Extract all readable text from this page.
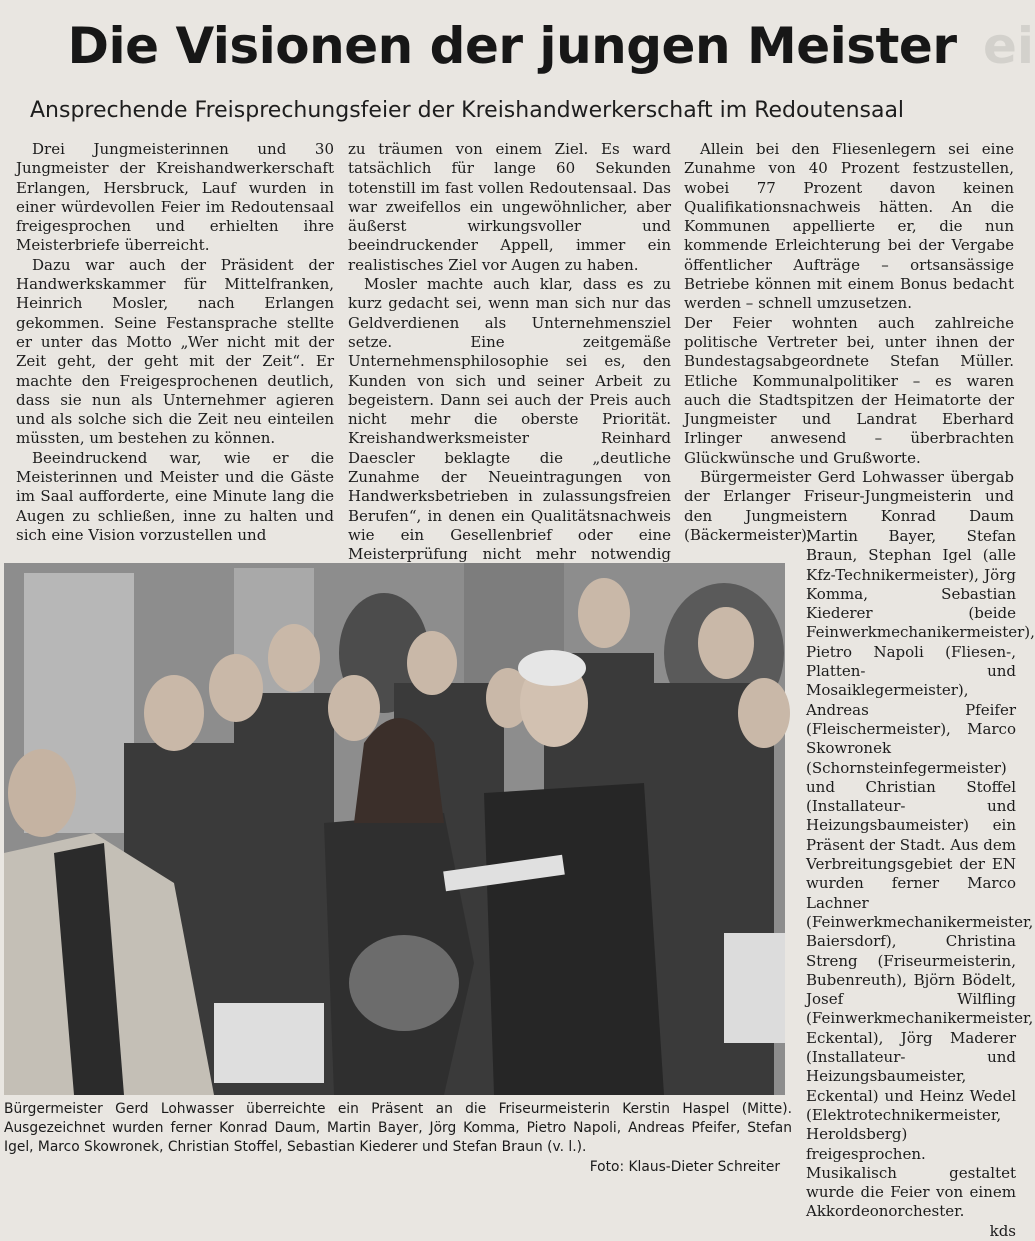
Die Visionen der jungen Meister ei
Ansprechende Freisprechungsfeier der Kreishandwerkerschaft im Redoutensaal

Drei Jungmeisterinnen und 30 Jungmeister der Kreishandwerkerschaft Erlangen, Hersbruck, Lauf wurden in einer würdevollen Feier im Redoutensaal freigesprochen und erhielten ihre Meisterbriefe überreicht.

Dazu war auch der Präsident der Handwerkskammer für Mittelfranken, Heinrich Mosler, nach Erlangen gekommen. Seine Festansprache stellte er unter das Motto „Wer nicht mit der Zeit geht, der geht mit der Zeit“. Er machte den Freigesprochenen deutlich, dass sie nun als Unternehmer agieren und als solche sich die Zeit neu einteilen müssten, um bestehen zu können.

Beeindruckend war, wie er die Meisterinnen und Meister und die Gäste im Saal aufforderte, eine Minute lang die Augen zu schließen, inne zu halten und sich eine Vision vorzustellen und

zu träumen von einem Ziel. Es ward tatsächlich für lange 60 Sekunden totenstill im fast vollen Redoutensaal. Das war zweifellos ein ungewöhnlicher, aber äußerst wirkungsvoller und beeindruckender Appell, immer ein realistisches Ziel vor Augen zu haben.

Mosler machte auch klar, dass es zu kurz gedacht sei, wenn man sich nur das Geldverdienen als Unternehmensziel setze. Eine zeitgemäße Unternehmensphilosophie sei es, den Kunden von sich und seiner Arbeit zu begeistern. Dann sei auch der Preis auch nicht mehr die oberste Priorität. Kreishandwerksmeister Reinhard Daescler beklagte die „deutliche Zunahme der Neueintragungen von Handwerksbetrieben in zulassungsfreien Berufen“, in denen ein Qualitätsnachweis wie ein Gesellenbrief oder eine Meisterprüfung nicht mehr notwendig

Allein bei den Fliesenlegern sei eine Zunahme von 40 Prozent festzustellen, wobei 77 Prozent davon keinen Qualifikationsnachweis hätten. An die Kommunen appellierte er, die nun kommende Erleichterung bei der Vergabe öffentlicher Aufträge – ortsansässige Betriebe können mit einem Bonus bedacht werden – schnell umzusetzen.

Der Feier wohnten auch zahlreiche politische Vertreter bei, unter ihnen der Bundestagsabgeordnete Stefan Müller. Etliche Kommunalpolitiker – es waren auch die Stadtspitzen der Heimatorte der Jungmeister und Landrat Eberhard Irlinger anwesend – überbrachten Glückwünsche und Grußworte.

Bürgermeister Gerd Lohwasser übergab der Erlanger Friseur-Jungmeisterin und den Jungmeistern Konrad Daum (Bäckermeister),

Martin Bayer, Stefan Braun, Stephan Igel (alle Kfz-Technikermeister), Jörg Komma, Sebastian Kiederer (beide Feinwerkmechanikermeister), Pietro Napoli (Fliesen-, Platten- und Mosaiklegermeister), Andreas Pfeifer (Fleischermeister), Marco Skowronek (Schornsteinfegermeister) und Christian Stoffel (Installateur- und Heizungsbaumeister) ein Präsent der Stadt. Aus dem Verbreitungsgebiet der EN wurden ferner Marco Lachner (Feinwerkmechanikermeister, Baiersdorf), Christina Streng (Friseurmeisterin, Bubenreuth), Björn Bödelt, Josef Wilfling (Feinwerkmechanikermeister, Eckental), Jörg Maderer (Installateur- und Heizungsbaumeister, Eckental) und Heinz Wedel (Elektrotechnikermeister, Heroldsberg) freigesprochen. Musikalisch gestaltet wurde die Feier von einem Akkordeonorchester.

kds
Bürgermeister Gerd Lohwasser überreichte ein Präsent an die Friseurmeisterin Kerstin Haspel (Mitte). Ausgezeichnet wurden ferner Konrad Daum, Martin Bayer, Jörg Komma, Pietro Napoli, Andreas Pfeifer, Stefan Igel, Marco Skowronek, Christian Stoffel, Sebastian Kiederer und Stefan Braun (v. l.).
Foto: Klaus-Dieter Schreiter
